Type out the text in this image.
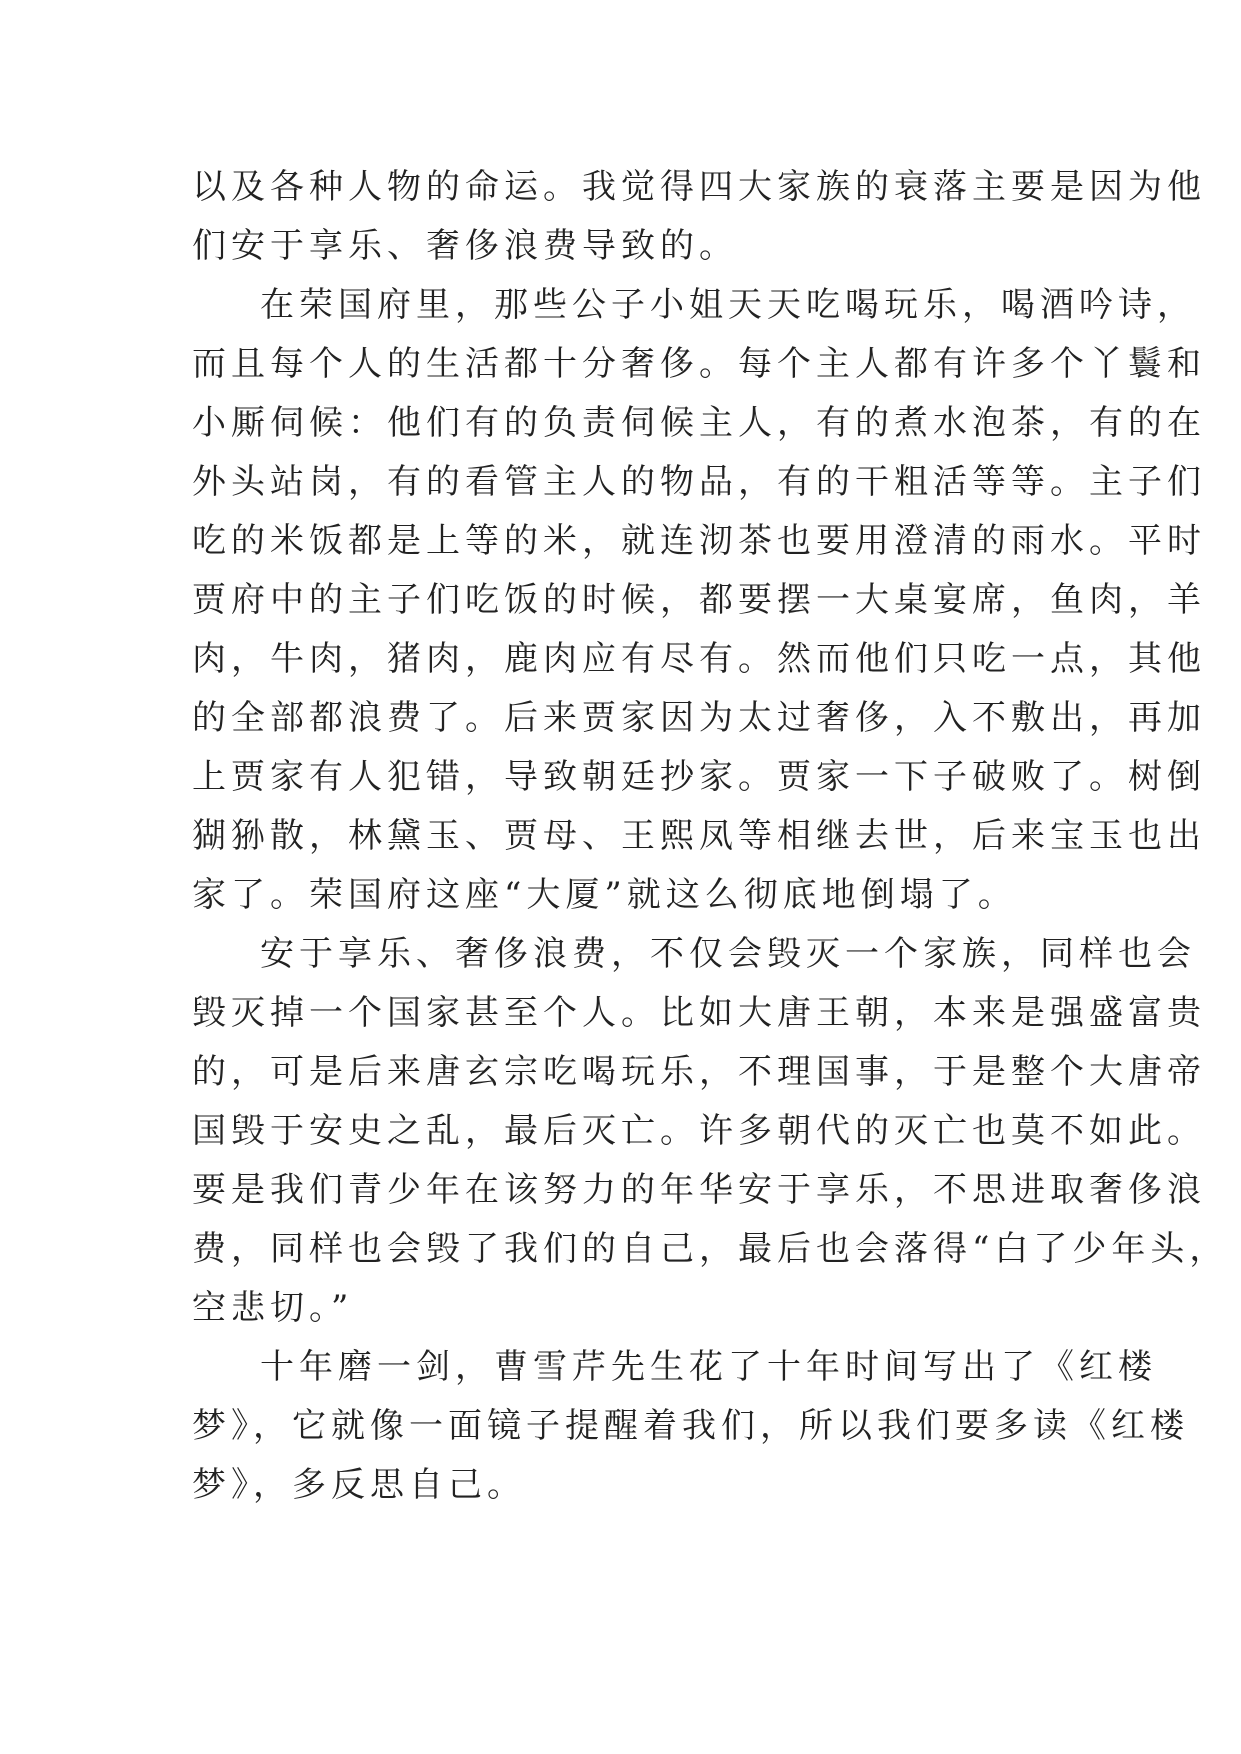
以及各种人物的命运。我觉得四大家族的衰落主要是因为他
们安于享乐、奢侈浪费导致的。
在荣国府里，那些公子小姐天天吃喝玩乐，喝酒吟诗，
而且每个人的生活都十分奢侈。每个主人都有许多个丫鬟和
小厮伺候：他们有的负责伺候主人，有的煮水泡茶，有的在
外头站岗，有的看管主人的物品，有的干粗活等等。主子们
吃的米饭都是上等的米，就连沏茶也要用澄清的雨水。平时
贾府中的主子们吃饭的时候，都要摆一大桌宴席，鱼肉，羊
肉，牛肉，猪肉，鹿肉应有尽有。然而他们只吃一点，其他
的全部都浪费了。后来贾家因为太过奢侈，入不敷出，再加
上贾家有人犯错，导致朝廷抄家。贾家一下子破败了。树倒
猢狲散，林黛玉、贾母、王熙凤等相继去世，后来宝玉也出
家了。荣国府这座“大厦”就这么彻底地倒塌了。
安于享乐、奢侈浪费，不仅会毁灭一个家族，同样也会
毁灭掉一个国家甚至个人。比如大唐王朝，本来是强盛富贵
的，可是后来唐玄宗吃喝玩乐，不理国事，于是整个大唐帝
国毁于安史之乱，最后灭亡。许多朝代的灭亡也莫不如此。
要是我们青少年在该努力的年华安于享乐，不思进取奢侈浪
费，同样也会毁了我们的自己，最后也会落得“白了少年头，
空悲切。”
十年磨一剑，曹雪芹先生花了十年时间写出了《红楼
梦》，它就像一面镜子提醒着我们，所以我们要多读《红楼
梦》，多反思自己。
